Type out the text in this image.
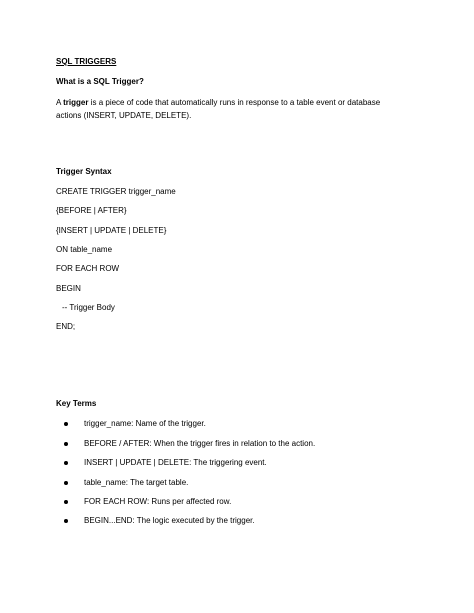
SQL TRIGGERS
What is a SQL Trigger?
A trigger is a piece of code that automatically runs in response to a table event or database
actions (INSERT, UPDATE, DELETE).
Trigger Syntax
CREATE TRIGGER trigger_name
{BEFORE | AFTER}
{INSERT | UPDATE | DELETE}
ON table_name
FOR EACH ROW
BEGIN
-- Trigger Body
END;
Key Terms
trigger_name: Name of the trigger.
BEFORE / AFTER: When the trigger fires in relation to the action.
INSERT | UPDATE | DELETE: The triggering event.
table_name: The target table.
FOR EACH ROW: Runs per affected row.
BEGIN...END: The logic executed by the trigger.
